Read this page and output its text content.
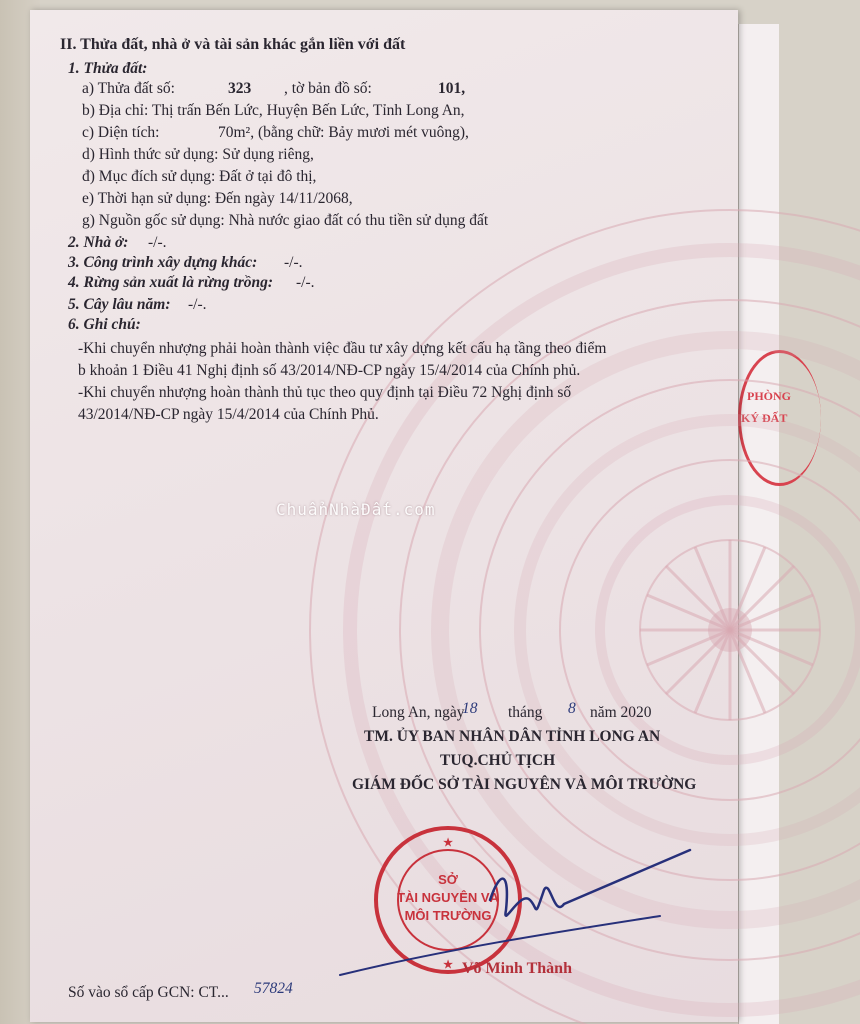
PHÒNG
KÝ ĐẤT
II. Thửa đất, nhà ở và tài sản khác gắn liền với đất
1. Thửa đất:
a) Thửa đất số:	323 , tờ bản đồ số:	101,
b) Địa chỉ: Thị trấn Bến Lức, Huyện Bến Lức, Tỉnh Long An,
c) Diện tích:	70m², (bằng chữ: Bảy mươi mét vuông),
d) Hình thức sử dụng: Sử dụng riêng,
đ) Mục đích sử dụng: Đất ở tại đô thị,
e) Thời hạn sử dụng: Đến ngày 14/11/2068,
g) Nguồn gốc sử dụng: Nhà nước giao đất có thu tiền sử dụng đất
2. Nhà ở: -/-.
3. Công trình xây dựng khác: -/-.
4. Rừng sản xuất là rừng trồng: -/-.
5. Cây lâu năm: -/-.
6. Ghi chú:
-Khi chuyển nhượng phải hoàn thành việc đầu tư xây dựng kết cấu hạ tầng theo điểm
b khoản 1 Điều 41 Nghị định số 43/2014/NĐ-CP ngày 15/4/2014 của Chính phủ.
-Khi chuyển nhượng hoàn thành thủ tục theo quy định tại Điều 72 Nghị định số
43/2014/NĐ-CP ngày 15/4/2014 của Chính Phủ.
ChuẩnNhàĐất.com
Long An, ngày
18 tháng 8 năm 2020
TM. ỦY BAN NHÂN DÂN TỈNH LONG AN
TUQ.CHỦ TỊCH
GIÁM ĐỐC SỞ TÀI NGUYÊN VÀ MÔI TRƯỜNG
★
★
SỞ
TÀI NGUYÊN VÀ
MÔI TRƯỜNG
Võ Minh Thành
Số vào sổ cấp GCN: CT... 57824
